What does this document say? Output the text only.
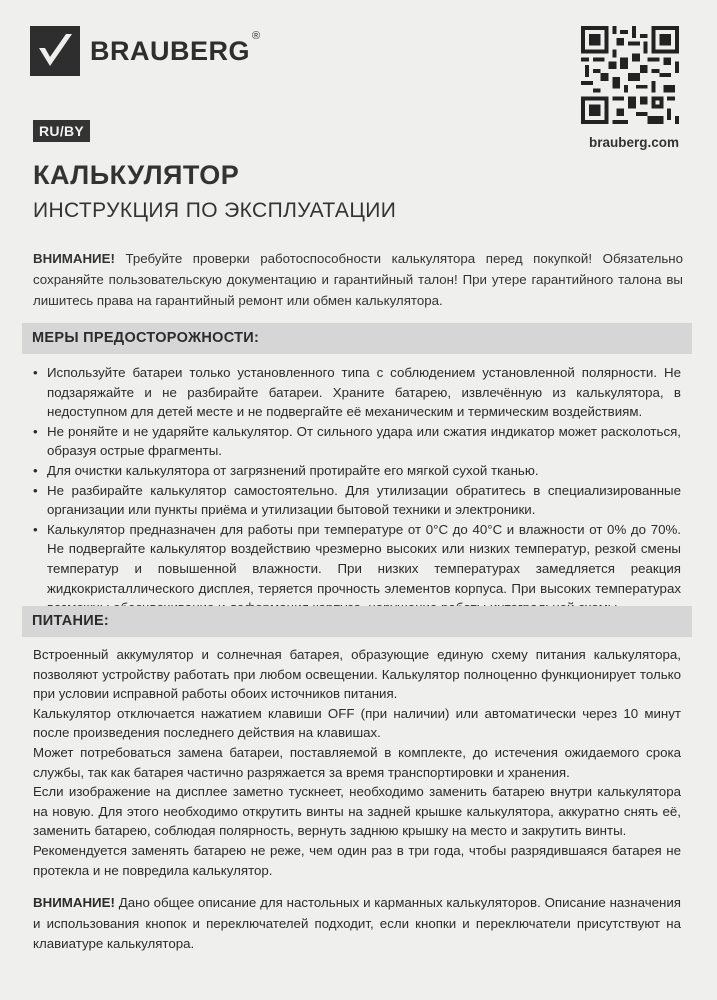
BRAUBERG ®
brauberg.com
RU/BY
КАЛЬКУЛЯТОР
ИНСТРУКЦИЯ ПО ЭКСПЛУАТАЦИИ
ВНИМАНИЕ! Требуйте проверки работоспособности калькулятора перед покупкой! Обязательно сохраняйте пользовательскую документацию и гарантийный талон! При утере гарантийного талона вы лишитесь права на гарантийный ремонт или обмен калькулятора.
МЕРЫ ПРЕДОСТОРОЖНОСТИ:
• Используйте батареи только установленного типа с соблюдением установленной полярности. Не подзаряжайте и не разбирайте батареи. Храните батарею, извлечённую из калькулятора, в недоступном для детей месте и не подвергайте её механическим и термическим воздействиям.
• Не роняйте и не ударяйте калькулятор. От сильного удара или сжатия индикатор может расколоться, образуя острые фрагменты.
• Для очистки калькулятора от загрязнений протирайте его мягкой сухой тканью.
• Не разбирайте калькулятор самостоятельно. Для утилизации обратитесь в специализированные организации или пункты приёма и утилизации бытовой техники и электроники.
• Калькулятор предназначен для работы при температуре от 0°С до 40°С и влажности от 0% до 70%. Не подвергайте калькулятор воздействию чрезмерно высоких или низких температур, резкой смены температур и повышенной влажности. При низких температурах замедляется реакция жидкокристаллического дисплея, теряется прочность элементов корпуса. При высоких температурах
ПИТАНИЕ:

Встроенный аккумулятор и солнечная батарея, образующие единую схему питания калькулятора, позволяют устройству работать при любом освещении. Калькулятор полноценно функционирует только при условии исправной работы обоих источников питания.

Калькулятор отключается нажатием клавиши OFF (при наличии) или автоматически через 10 минут после произведения последнего действия на клавишах.

Может потребоваться замена батареи, поставляемой в комплекте, до истечения ожидаемого срока службы, так как батарея частично разряжается за время транспортировки и хранения.

Если изображение на дисплее заметно тускнеет, необходимо заменить батарею внутри калькулятора на новую. Для этого необходимо открутить винты на задней крышке калькулятора, аккуратно снять её, заменить батарею, соблюдая полярность, вернуть заднюю крышку на место и закрутить винты.

Рекомендуется заменять батарею не реже, чем один раз в три года, чтобы разрядившаяся батарея не протекла и не повредила калькулятор.

ВНИМАНИЕ! Дано общее описание для настольных и карманных калькуляторов. Описание назначения и использования кнопок и переключателей подходит, если кнопки и переключатели присутствуют на клавиатуре калькулятора.
